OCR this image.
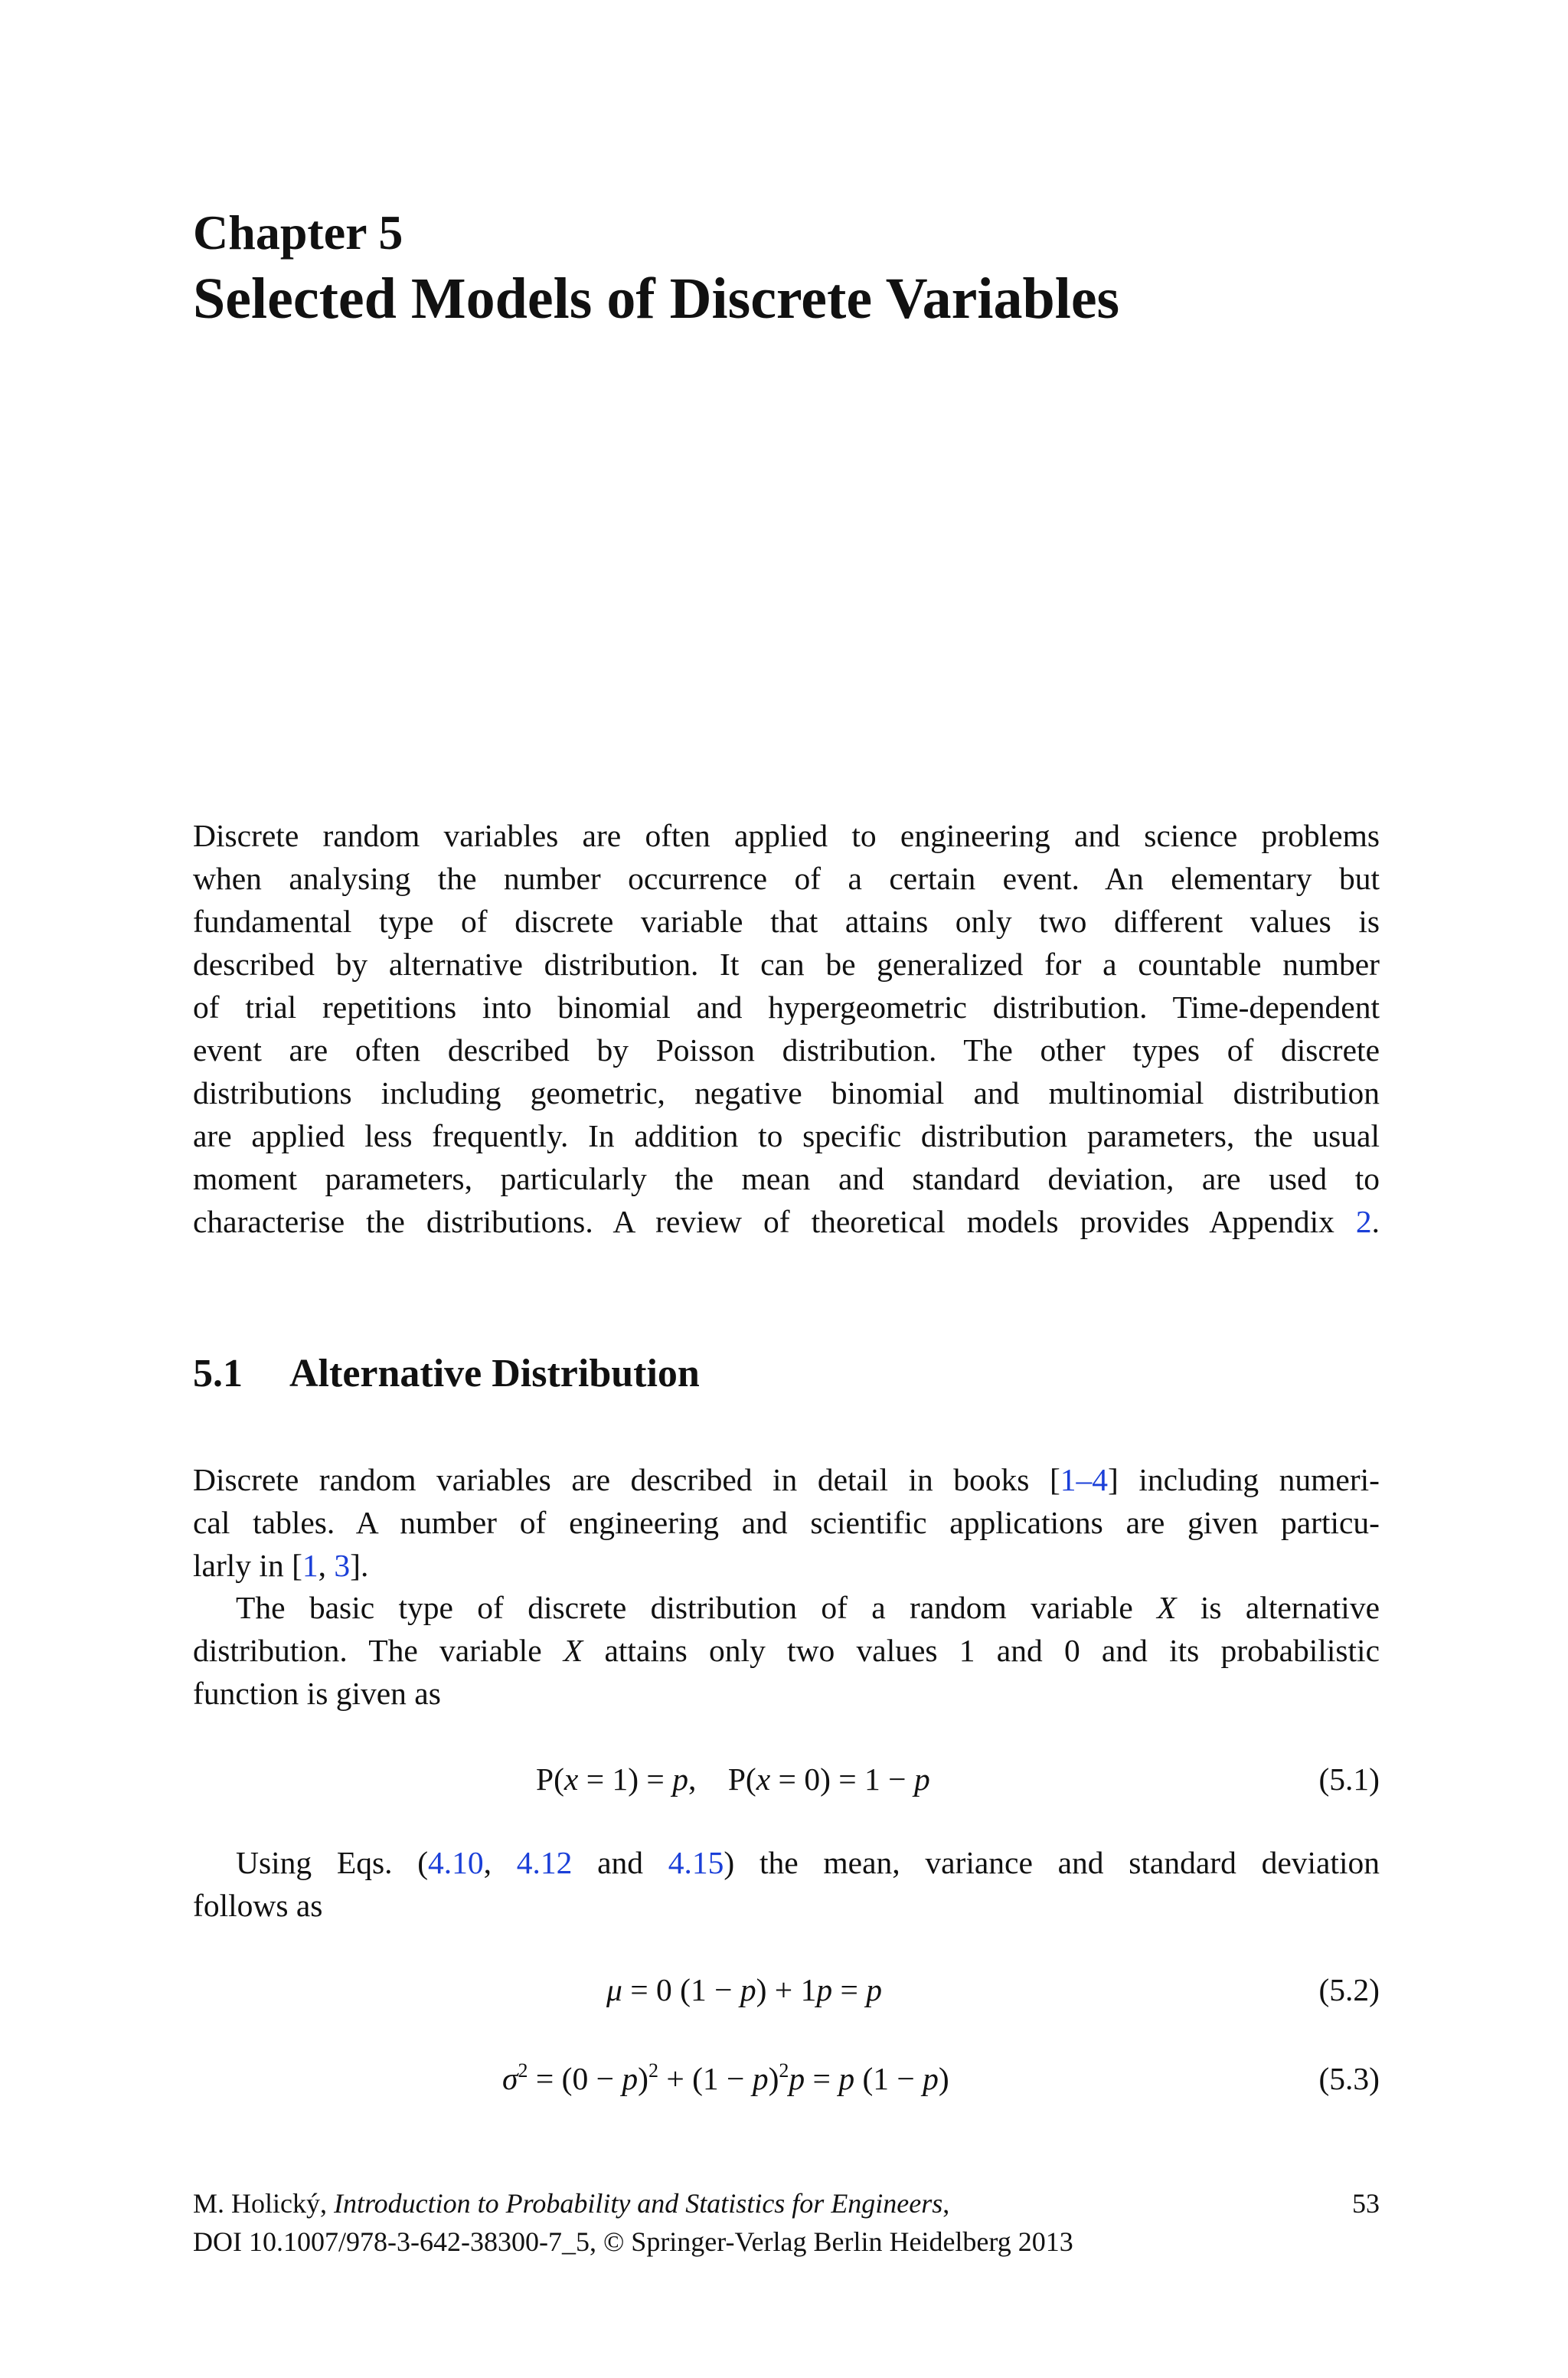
Chapter 5
Selected Models of Discrete Variables
Discrete random variables are often applied to engineering and science problems
when analysing the number occurrence of a certain event. An elementary but
fundamental type of discrete variable that attains only two different values is
described by alternative distribution. It can be generalized for a countable number
of trial repetitions into binomial and hypergeometric distribution. Time-dependent
event are often described by Poisson distribution. The other types of discrete
distributions including geometric, negative binomial and multinomial distribution
are applied less frequently. In addition to specific distribution parameters, the usual
moment parameters, particularly the mean and standard deviation, are used to
characterise the distributions. A review of theoretical models provides Appendix 2.
5.1 Alternative Distribution
Discrete random variables are described in detail in books [1–4] including numeri-
cal tables. A number of engineering and scientific applications are given particu-
larly in [1, 3].
The basic type of discrete distribution of a random variable X is alternative
distribution. The variable X attains only two values 1 and 0 and its probabilistic
function is given as
P(x = 1) = p,    P(x = 0) = 1 − p	(5.1)
Using Eqs. (4.10, 4.12 and 4.15) the mean, variance and standard deviation
follows as
μ = 0 (1 − p) + 1p = p	(5.2)
$\sigma^2 = (0 - p)^2 + (1 - p)^2p = p$ (1 − p)	(5.3)
M. Holický, Introduction to Probability and Statistics for Engineers,
DOI 10.1007/978-3-642-38300-7_5, © Springer-Verlag Berlin Heidelberg 2013
53
